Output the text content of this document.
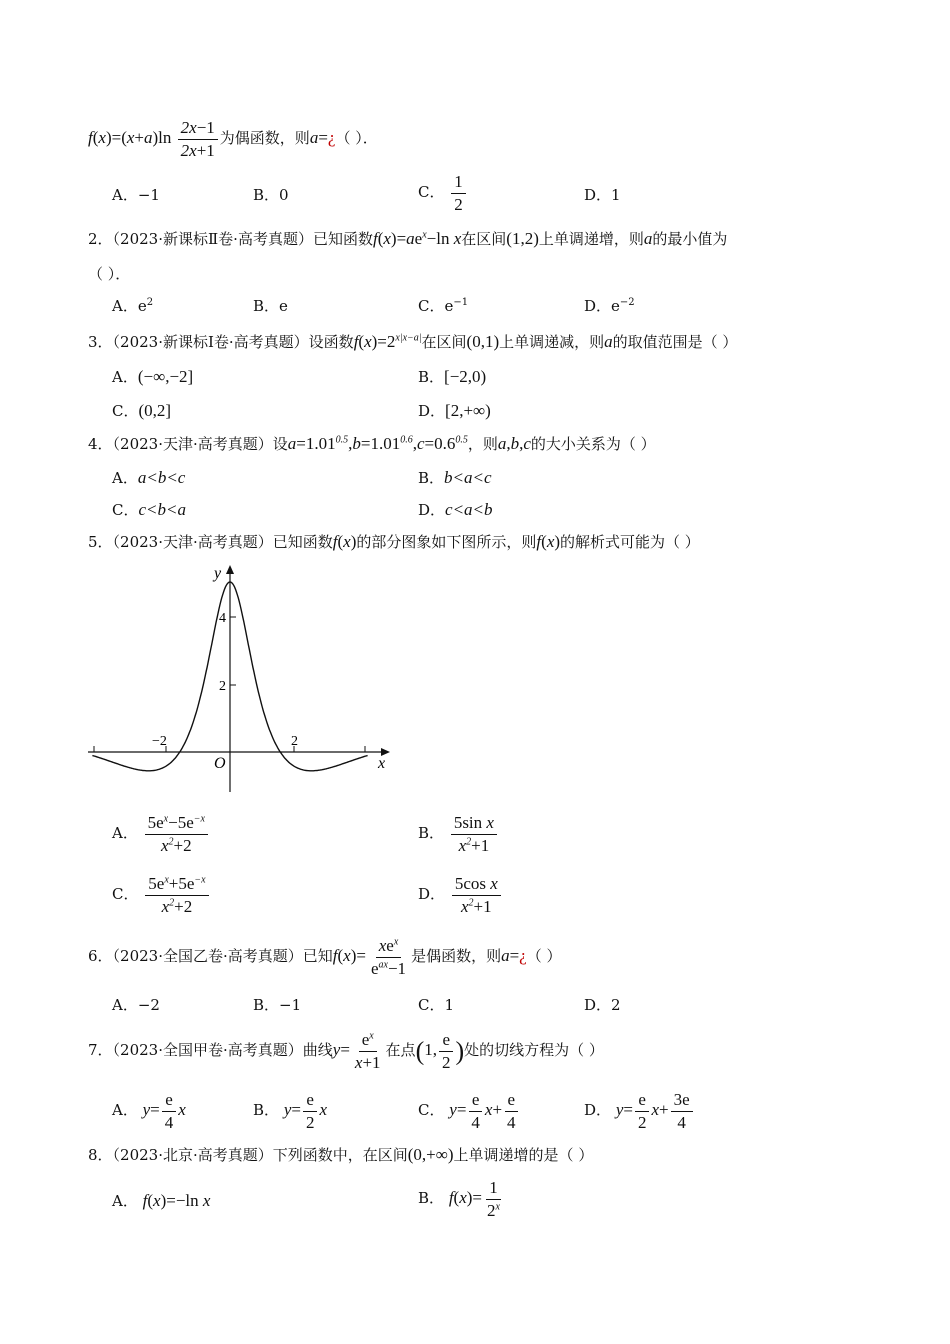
$f(x)=(x+a)\ln \frac{2x-1}{2x+1}$ 为偶函数，则a=¿（ ）．
A．−1	B．0	C． $\frac{1}{2}$	D．1
2．（2023·新课标Ⅱ卷·高考真题）已知函数$f(x)=ae^x-\ln$ x在区间(1,2)上单调递增，则a的最小值为
（ ）．
A．$e^2$	B．e	C．$e^{-1}$	D．$e^{-2}$
3．（2023·新课标Ⅰ卷·高考真题）设函数$f(x)=2^{x|x-a|}$在区间(0,1)上单调递减，则a的取值范围是（ ）
A．(−∞,−2]	B．[−2,0)
C．(0,2]	D．[2,+∞)
4．（2023·天津·高考真题）设$a=1.01^{0.5},b=1.01^{0.6},c=0.6^{0.5}$，则a,b,c的大小关系为（ ）
A．a<b<c	B．b<a<c
C．c<b<a	D．c<a<b
5．（2023·天津·高考真题）已知函数f(x)的部分图象如下图所示，则f(x)的解析式可能为（ ）
y
x
O
4
2
−2	2
A． $\frac{5e^x-5e^{-x}}{x^2+2}$	B． $\frac{\text{5sin x}}{x^2+1}$
C． $\frac{5e^x+5e^{-x}}{x^2+2}$	D． $\frac{\text{5cos x}}{x^2+1}$
6．（2023·全国乙卷·高考真题）已知$f(x)= \frac{xe^x}{e^{ax}-1}$ 是偶函数，则a=¿（ ）
A．−2	B．−1	C．1	D．2
7．（2023·全国甲卷·高考真题）曲线$y= \frac{e^x}{x+1}$ 在点(1, $\frac{e}{2}$ )处的切线方程为（ ）
A． $y= \frac{e}{4}$ x	B． $y= \frac{e}{2}$ x	C． $y= \frac{e}{4} x+ \frac{e}{4}$	D． $y= \frac{e}{2} x+ \frac{3e}{4}$
8．（2023·北京·高考真题）下列函数中，在区间(0,+∞)上单调递增的是（ ）
A． f(x)=−ln x	B． $f(x)= \frac{1}{2^x}$
